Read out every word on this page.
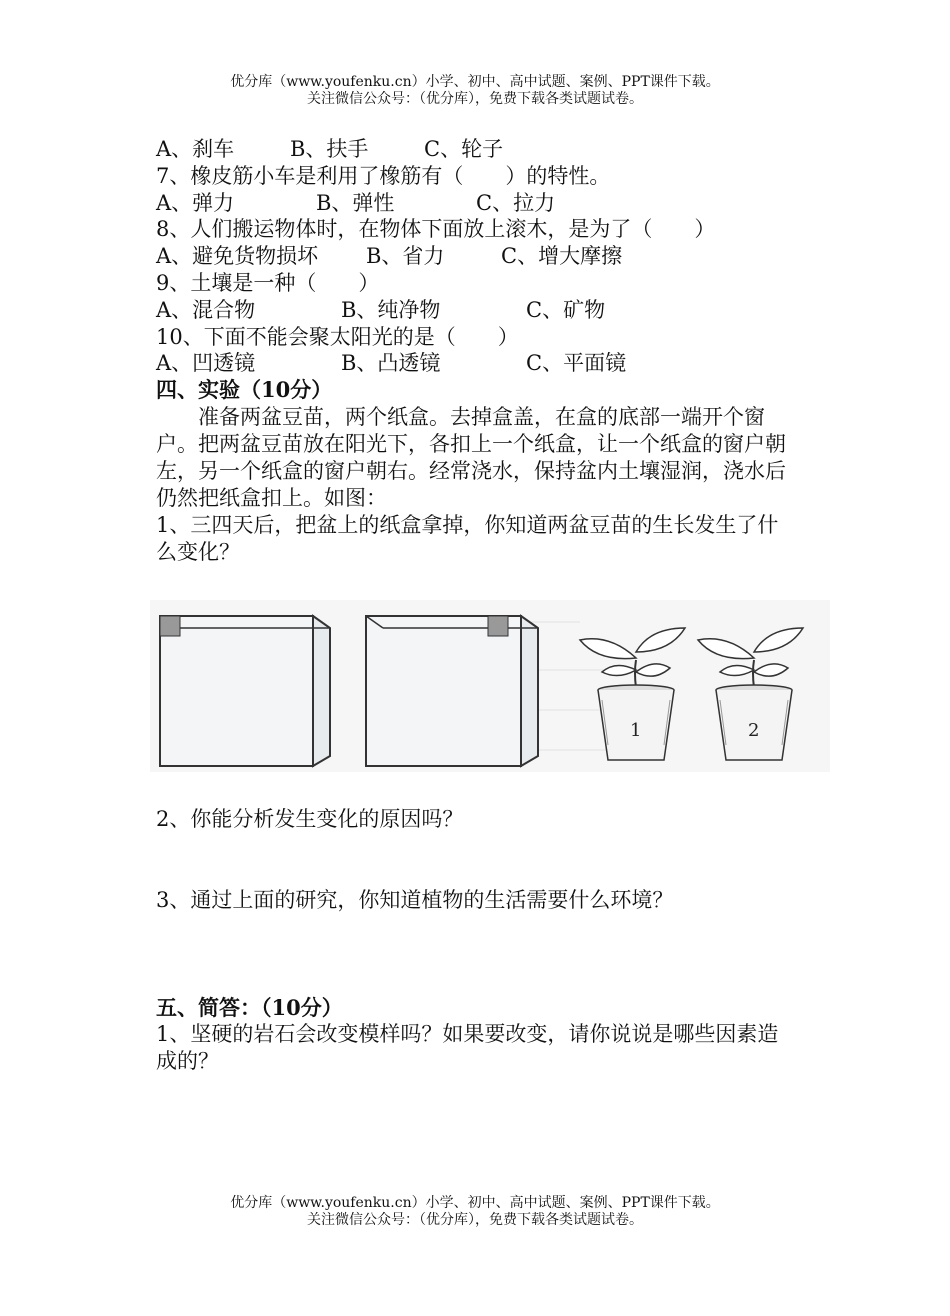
优分库（www.youfenku.cn）小学、初中、高中试题、案例、PPT课件下载。
关注微信公众号：（优分库），免费下载各类试题试卷。
A、刹车	B、扶手	C、轮子
7、橡皮筋小车是利用了橡筋有（　　）的特性。
A、弹力	B、弹性	C、拉力
8、人们搬运物体时，在物体下面放上滚木，是为了（　　）
A、避免货物损坏 B、省力	C、增大摩擦
9、土壤是一种（　　）
A、混合物	B、纯净物	C、矿物
10、下面不能会聚太阳光的是（　　）
A、凹透镜	B、凸透镜	C、平面镜
四、实验（10分）
准备两盆豆苗，两个纸盒。去掉盒盖，在盒的底部一端开个窗户。把两盆豆苗放在阳光下，各扣上一个纸盒，让一个纸盒的窗户朝左，另一个纸盒的窗户朝右。经常浇水，保持盆内土壤湿润，浇水后仍然把纸盒扣上。如图：
1、三四天后，把盆上的纸盒拿掉，你知道两盆豆苗的生长发生了什么变化？
1	2
2、你能分析发生变化的原因吗？
3、通过上面的研究，你知道植物的生活需要什么环境？
五、简答：（10分）
1、坚硬的岩石会改变模样吗？如果要改变，请你说说是哪些因素造成的？
优分库（www.youfenku.cn）小学、初中、高中试题、案例、PPT课件下载。
关注微信公众号：（优分库），免费下载各类试题试卷。
